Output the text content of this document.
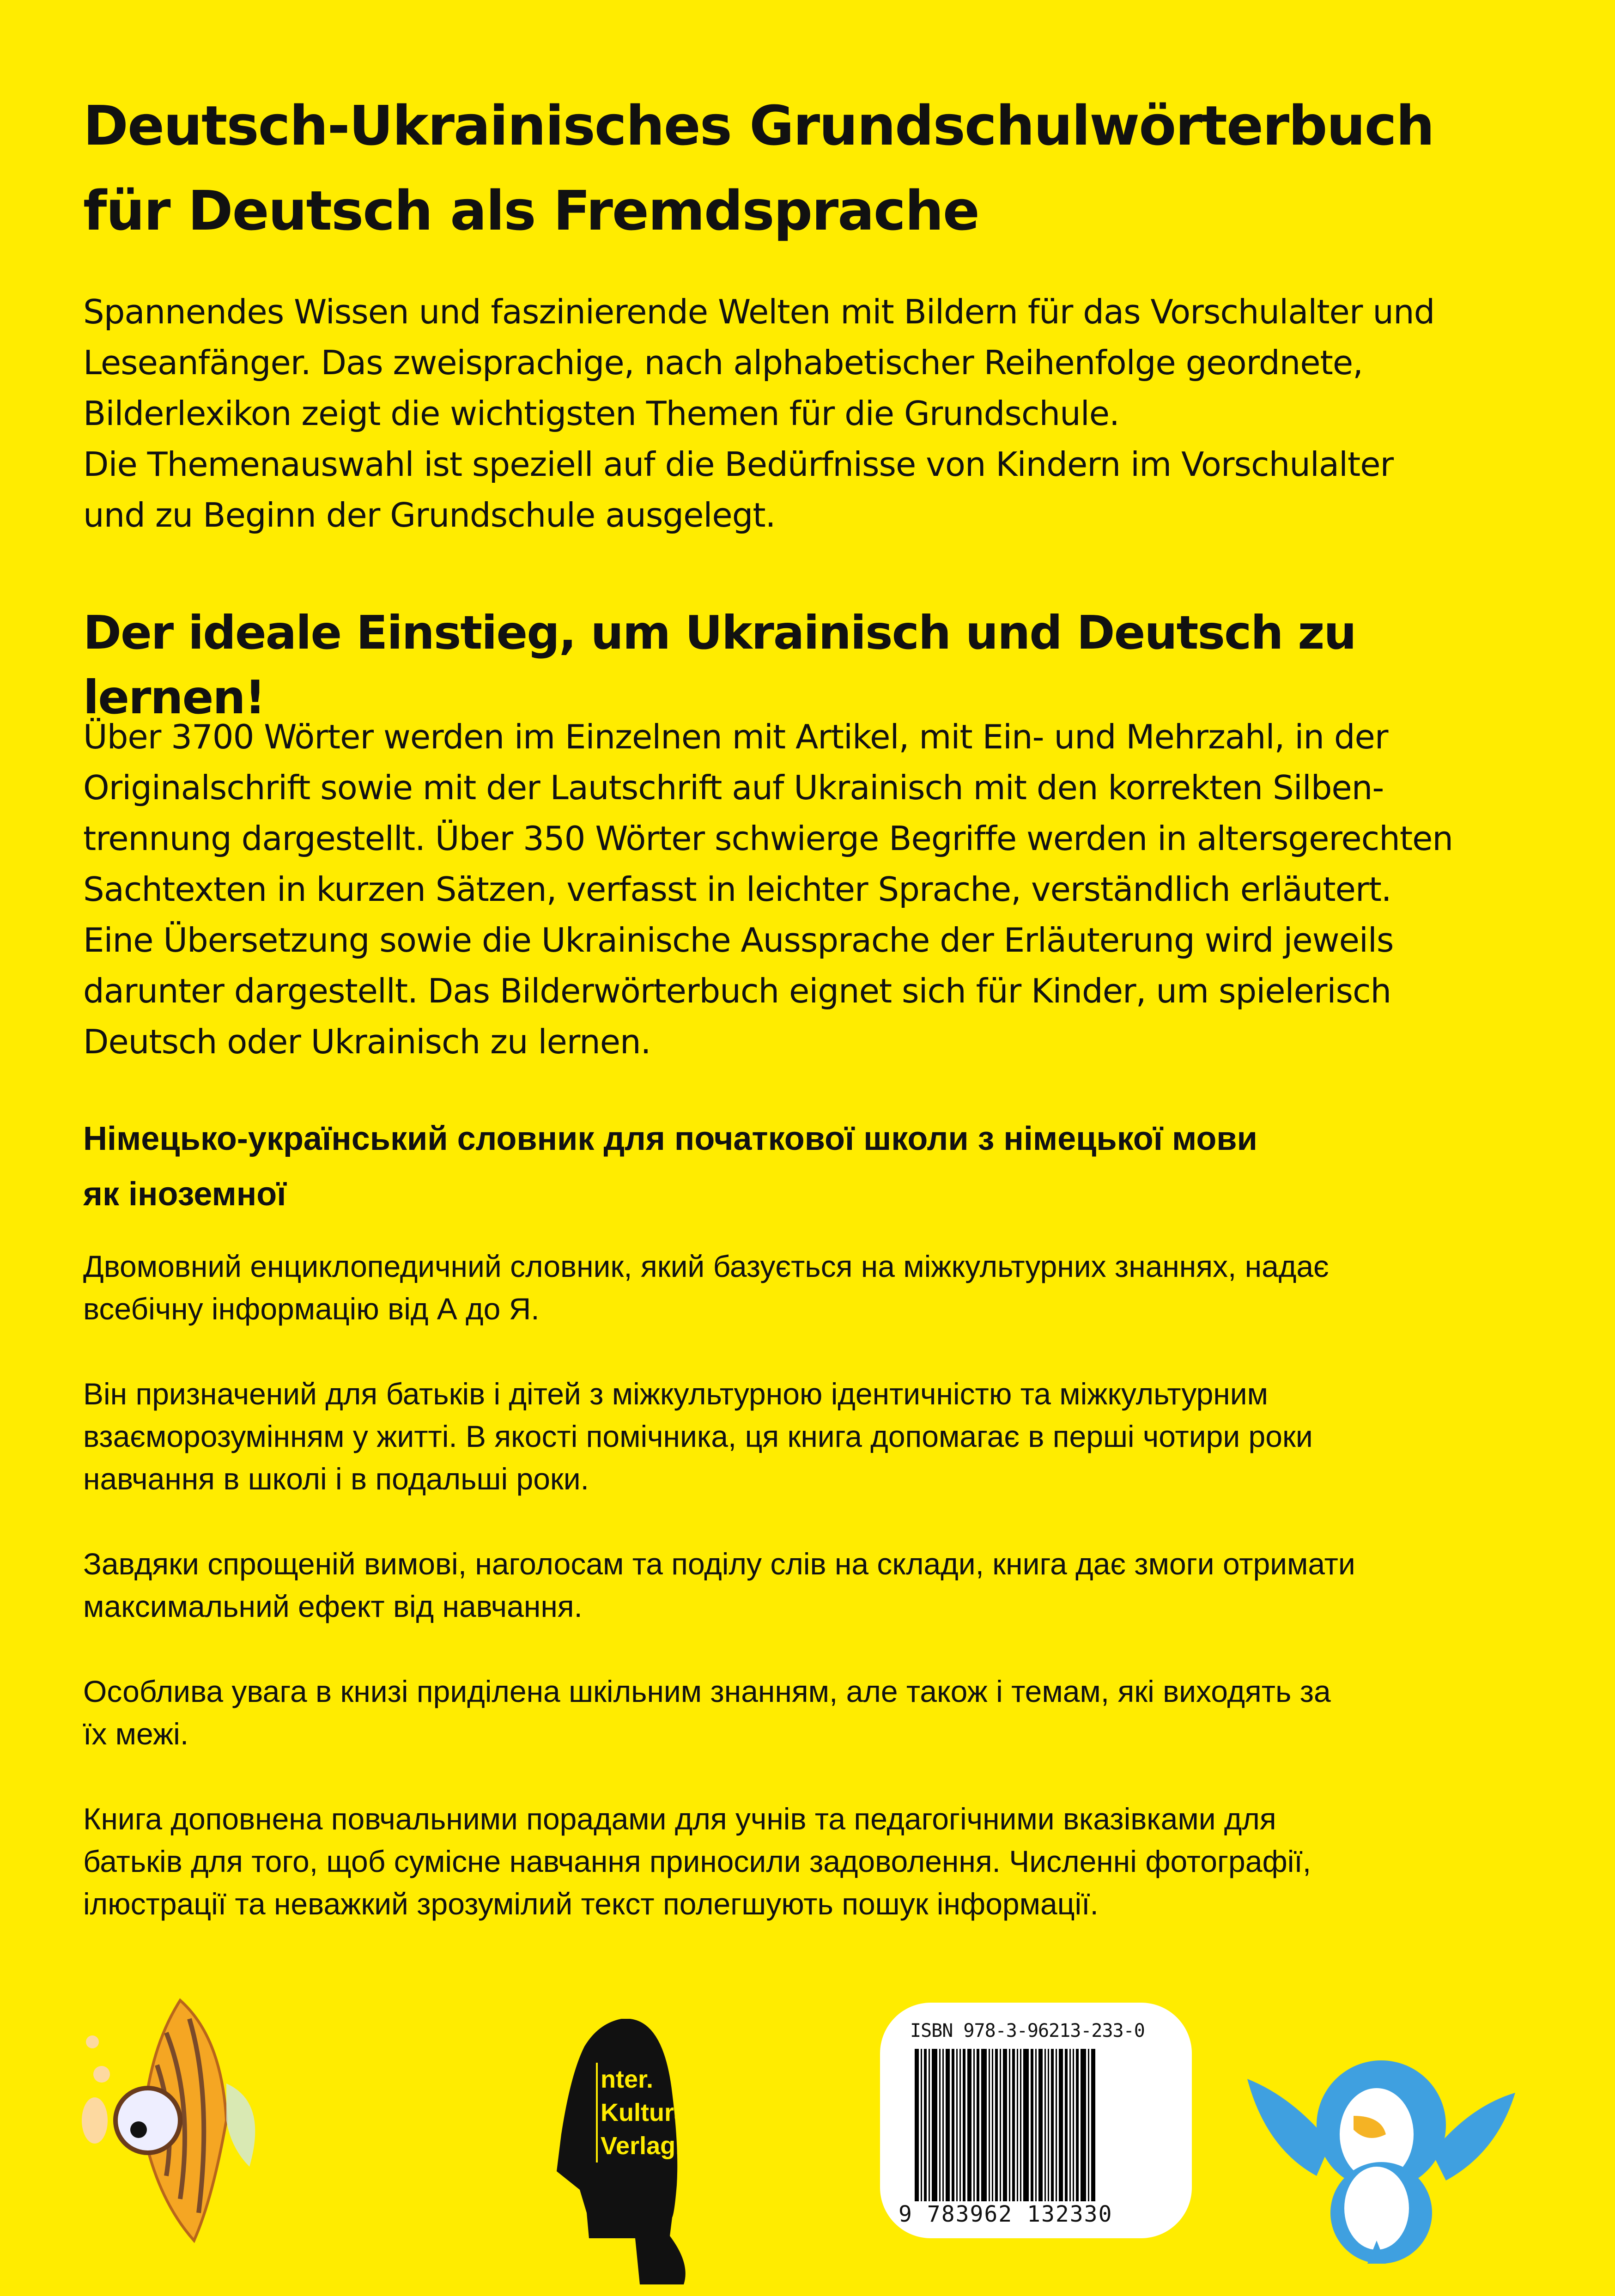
Deutsch-Ukrainisches Grundschulwörterbuch
für Deutsch als Fremdsprache
Spannendes Wissen und faszinierende Welten mit Bildern für das Vorschulalter und
Leseanfänger. Das zweisprachige, nach alphabetischer Reihenfolge geordnete,
Bilderlexikon zeigt die wichtigsten Themen für die Grundschule.
Die Themenauswahl ist speziell auf die Bedürfnisse von Kindern im Vorschulalter
und zu Beginn der Grundschule ausgelegt.
Der ideale Einstieg, um Ukrainisch und Deutsch zu lernen!
Über 3700 Wörter werden im Einzelnen mit Artikel, mit Ein- und Mehrzahl, in der
Originalschrift sowie mit der Lautschrift auf Ukrainisch mit den korrekten Silben-
trennung dargestellt. Über 350 Wörter schwierge Begriffe werden in altersgerechten
Sachtexten in kurzen Sätzen, verfasst in leichter Sprache, verständlich erläutert.
Eine Übersetzung sowie die Ukrainische Aussprache der Erläuterung wird jeweils
darunter dargestellt. Das Bilderwörterbuch eignet sich für Kinder, um spielerisch
Deutsch oder Ukrainisch zu lernen.
Німецько-український словник для початкової школи з німецької мови
як іноземної

Двомовний енциклопедичний словник, який базується на міжкультурних знаннях, надає
всебічну інформацію від А до Я.

Він призначений для батьків і дітей з міжкультурною ідентичністю та міжкультурним
взаєморозумінням у житті. В якості помічника, ця книга допомагає в перші чотири роки
навчання в школі і в подальші роки.

Завдяки спрощеній вимові, наголосам та поділу слів на склади, книга дає змоги отримати
максимальний ефект від навчання.

Особлива увага в книзі приділена шкільним знанням, але також і темам, які виходять за
їх межі.

Книга доповнена повчальними порадами для учнів та педагогічними вказівками для
батьків для того, щоб сумісне навчання приносили задоволення. Численні фотографії,
ілюстрації та неважкий зрозумілий текст полегшують пошук інформації.

nter.
Kultura.
Verlag.
ISBN 978-3-96213-233-0
9 783962 132330
